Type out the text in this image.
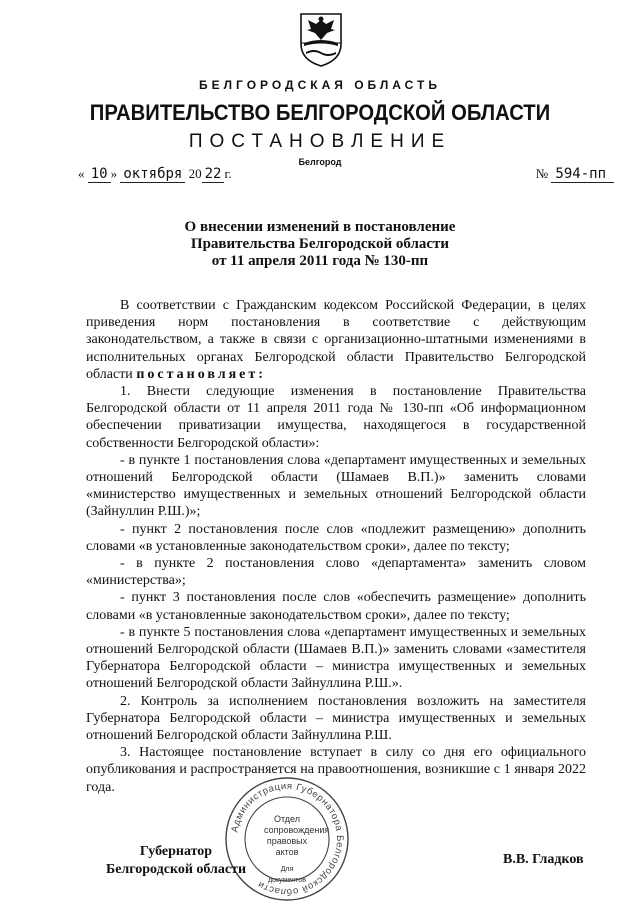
БЕЛГОРОДСКАЯ ОБЛАСТЬ
ПРАВИТЕЛЬСТВО БЕЛГОРОДСКОЙ ОБЛАСТИ
ПОСТАНОВЛЕНИЕ
Белгород
« 10 » октября 20 22 г.	№ 594-пп
О внесении изменений в постановление
Правительства Белгородской области
от 11 апреля 2011 года № 130-пп

В соответствии с Гражданским кодексом Российской Федерации, в целях приведения норм постановления в соответствие с действующим законодательством, а также в связи с организационно-штатными изменениями в исполнительных органах Белгородской области Правительство Белгородской области постановляет:

1. Внести следующие изменения в постановление Правительства Белгородской области от 11 апреля 2011 года № 130-пп «Об информационном обеспечении приватизации имущества, находящегося в государственной собственности Белгородской области»:

- в пункте 1 постановления слова «департамент имущественных и земельных отношений Белгородской области (Шамаев В.П.)» заменить словами «министерство имущественных и земельных отношений Белгородской области (Зайнуллин Р.Ш.)»;

- пункт 2 постановления после слов «подлежит размещению» дополнить словами «в установленные законодательством сроки», далее по тексту;

- в пункте 2 постановления слово «департамента» заменить словом «министерства»;

- пункт 3 постановления после слов «обеспечить размещение» дополнить словами «в установленные законодательством сроки», далее по тексту;

- в пункте 5 постановления слова «департамент имущественных и земельных отношений Белгородской области (Шамаев В.П.)» заменить словами «заместителя Губернатора Белгородской области – министра имущественных и земельных отношений Белгородской области Зайнуллина Р.Ш.».

2. Контроль за исполнением постановления возложить на заместителя Губернатора Белгородской области – министра имущественных и земельных отношений Белгородской области Зайнуллина Р.Ш.

3. Настоящее постановление вступает в силу со дня его официального опубликования и распространяется на правоотношения, возникшие с 1 января 2022 года.

Администрация Губернатора Белгородской области
Отдел
сопровождения
правовых
актов
Для документов
Губернатор
Белгородской области
В.В. Гладков
